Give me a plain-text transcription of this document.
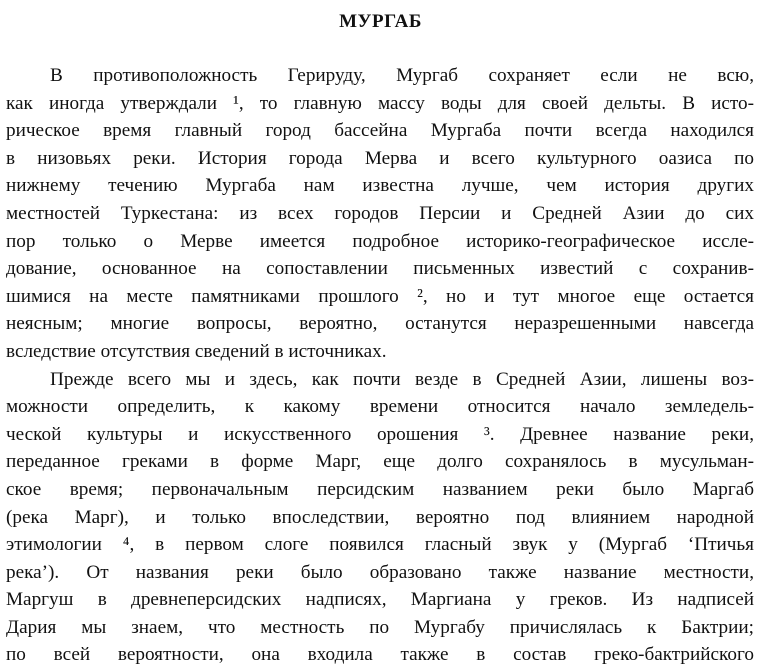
МУРГАБ
В противоположность Герируду, Мургаб сохраняет если не всю,
как иногда утверждали ¹, то главную массу воды для своей дельты. В исто-
рическое время главный город бассейна Мургаба почти всегда находился
в низовьях реки. История города Мерва и всего культурного оазиса по
нижнему течению Мургаба нам известна лучше, чем история других
местностей Туркестана: из всех городов Персии и Средней Азии до сих
пор только о Мерве имеется подробное историко-географическое иссле-
дование, основанное на сопоставлении письменных известий с сохранив-
шимися на месте памятниками прошлого ², но и тут многое еще остается
неясным; многие вопросы, вероятно, останутся неразрешенными навсегда
вследствие отсутствия сведений в источниках.
Прежде всего мы и здесь, как почти везде в Средней Азии, лишены воз-
можности определить, к какому времени относится начало земледель-
ческой культуры и искусственного орошения ³. Древнее название реки,
переданное греками в форме Марг, еще долго сохранялось в мусульман-
ское время; первоначальным персидским названием реки было Маргаб
(река Марг), и только впоследствии, вероятно под влиянием народной
этимологии ⁴, в первом слоге появился гласный звук у (Мургаб ‘Птичья
река’). От названия реки было образовано также название местности,
Маргуш в древнеперсидских надписях, Маргиана у греков. Из надписей
Дария мы знаем, что местность по Мургабу причислялась к Бактрии;
по всей вероятности, она входила также в состав греко-бактрийского
